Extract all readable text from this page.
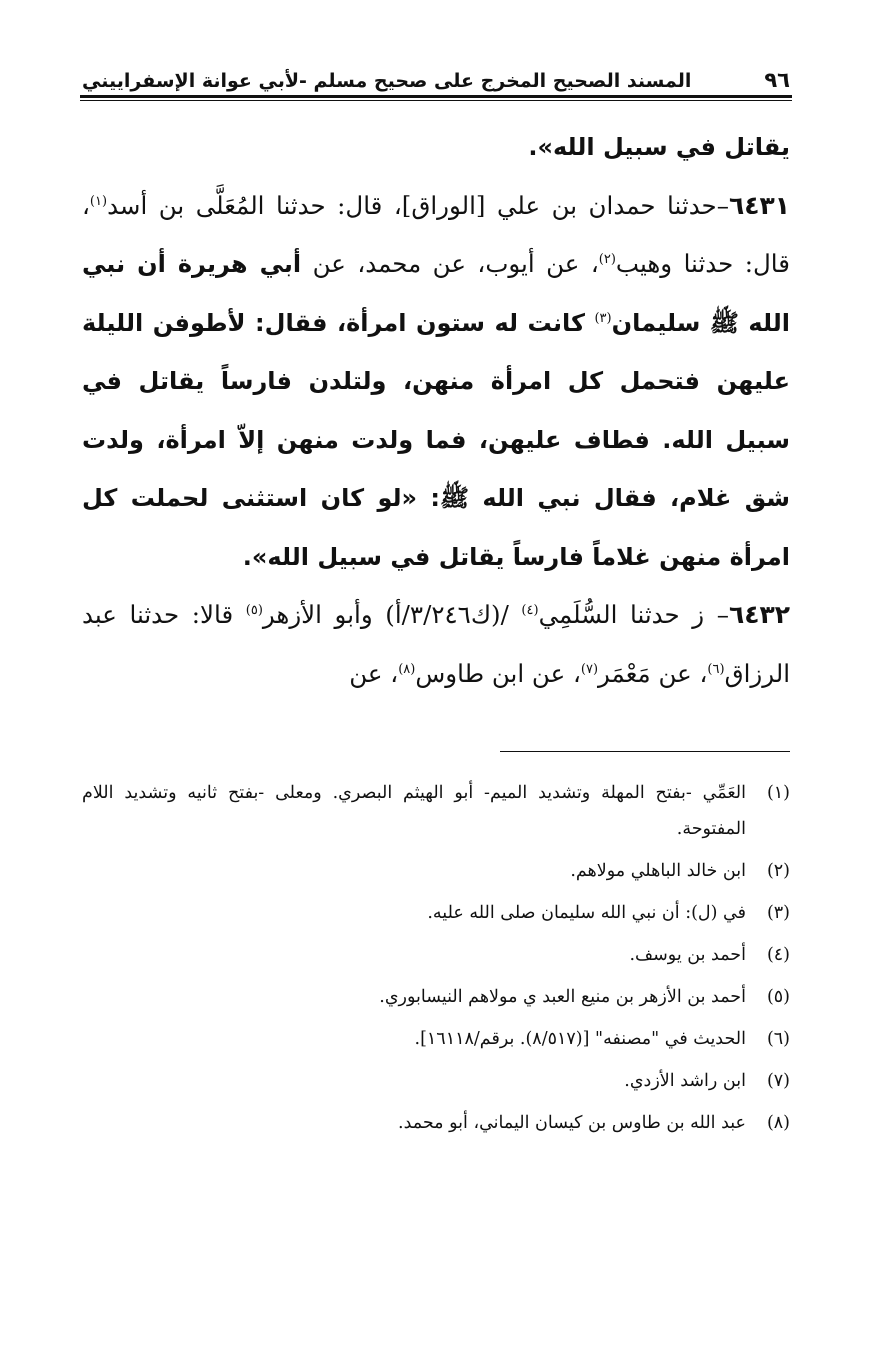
٩٦
المسند الصحيح المخرج على صحيح مسلم -لأبي عوانة الإسفراييني

يقاتل في سبيل الله».

٦٤٣١–حدثنا حمدان بن علي [الوراق]، قال: حدثنا المُعَلَّى بن أسد$^{(١)}$، قال: حدثنا وهيب$^{(٢)}$، عن أيوب، عن محمد، عن أبي هريرة أن نبي الله ﷺ سليمان$^{(٣)}$ كانت له ستون امرأة، فقال: لأطوفن الليلة عليهن فتحمل كل امرأة منهن، ولتلدن فارساً يقاتل في سبيل الله. فطاف عليهن، فما ولدت منهن إلاّ امرأة، ولدت شق غلام، فقال نبي الله ﷺ: «لو كان استثنى لحملت كل امرأة منهن غلاماً فارساً يقاتل في سبيل الله».

٦٤٣٢– ز حدثنا السُّلَمِي$^{(٤)}$ /(ك٣/٢٤٦/أ) وأبو الأزهر$^{(٥)}$ قالا: حدثنا عبد الرزاق$^{(٦)}$، عن مَعْمَر$^{(٧)}$، عن ابن طاوس$^{(٨)}$، عن

(١)
العَمِّي -بفتح المهلة وتشديد الميم- أبو الهيثم البصري. ومعلى -بفتح ثانيه وتشديد اللام المفتوحة.
(٢)
ابن خالد الباهلي مولاهم.
(٣)
في (ل): أن نبي الله سليمان صلى الله عليه.
(٤)
أحمد بن يوسف.
(٥)
أحمد بن الأزهر بن منيع العبد ي مولاهم النيسابوري.
(٦)
الحديث في "مصنفه" [(٨/٥١٧). برقم/١٦١١٨].
(٧)
ابن راشد الأزدي.
(٨)
عبد الله بن طاوس بن كيسان اليماني، أبو محمد.
